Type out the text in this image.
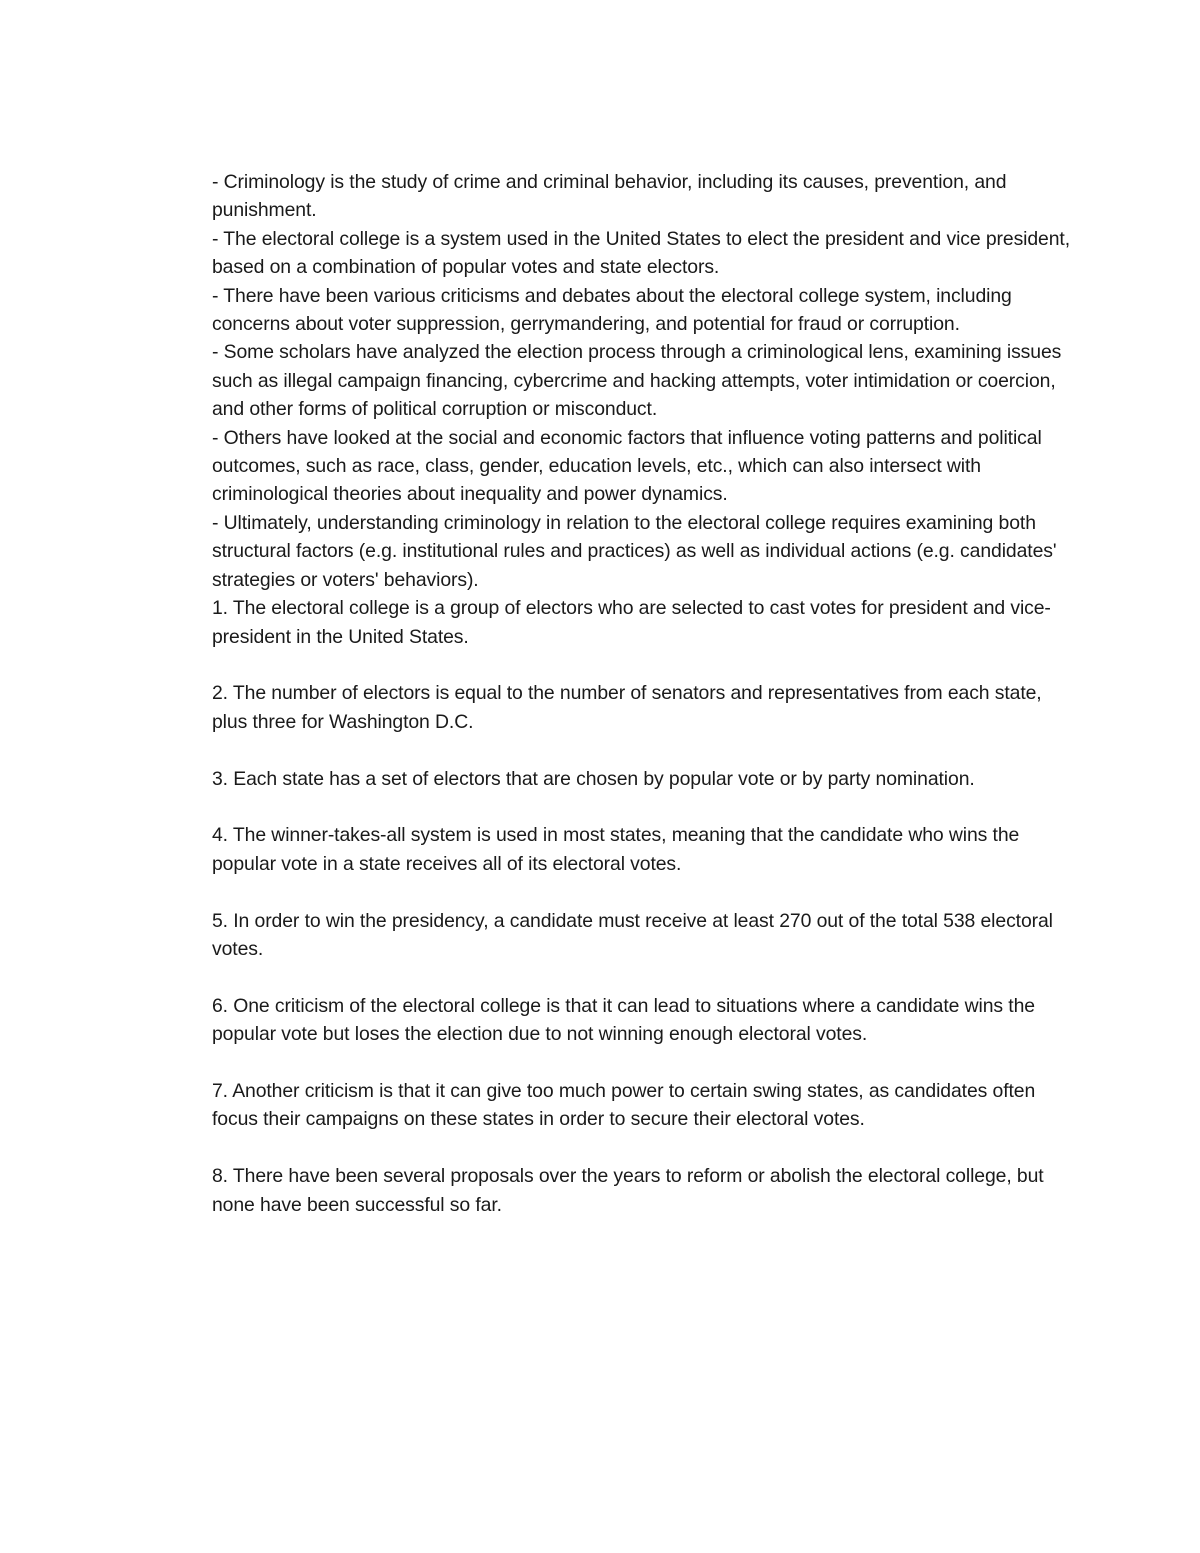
- Criminology is the study of crime and criminal behavior, including its causes, prevention, and punishment.

- The electoral college is a system used in the United States to elect the president and vice president, based on a combination of popular votes and state electors.

- There have been various criticisms and debates about the electoral college system, including concerns about voter suppression, gerrymandering, and potential for fraud or corruption.

- Some scholars have analyzed the election process through a criminological lens, examining issues such as illegal campaign financing, cybercrime and hacking attempts, voter intimidation or coercion, and other forms of political corruption or misconduct.

- Others have looked at the social and economic factors that influence voting patterns and political outcomes, such as race, class, gender, education levels, etc., which can also intersect with criminological theories about inequality and power dynamics.

- Ultimately, understanding criminology in relation to the electoral college requires examining both structural factors (e.g. institutional rules and practices) as well as individual actions (e.g. candidates' strategies or voters' behaviors).

1. The electoral college is a group of electors who are selected to cast votes for president and vice-president in the United States.

2. The number of electors is equal to the number of senators and representatives from each state, plus three for Washington D.C.

3. Each state has a set of electors that are chosen by popular vote or by party nomination.

4. The winner-takes-all system is used in most states, meaning that the candidate who wins the popular vote in a state receives all of its electoral votes.

5. In order to win the presidency, a candidate must receive at least 270 out of the total 538 electoral votes.

6. One criticism of the electoral college is that it can lead to situations where a candidate wins the popular vote but loses the election due to not winning enough electoral votes.

7. Another criticism is that it can give too much power to certain swing states, as candidates often focus their campaigns on these states in order to secure their electoral votes.

8. There have been several proposals over the years to reform or abolish the electoral college, but none have been successful so far.
